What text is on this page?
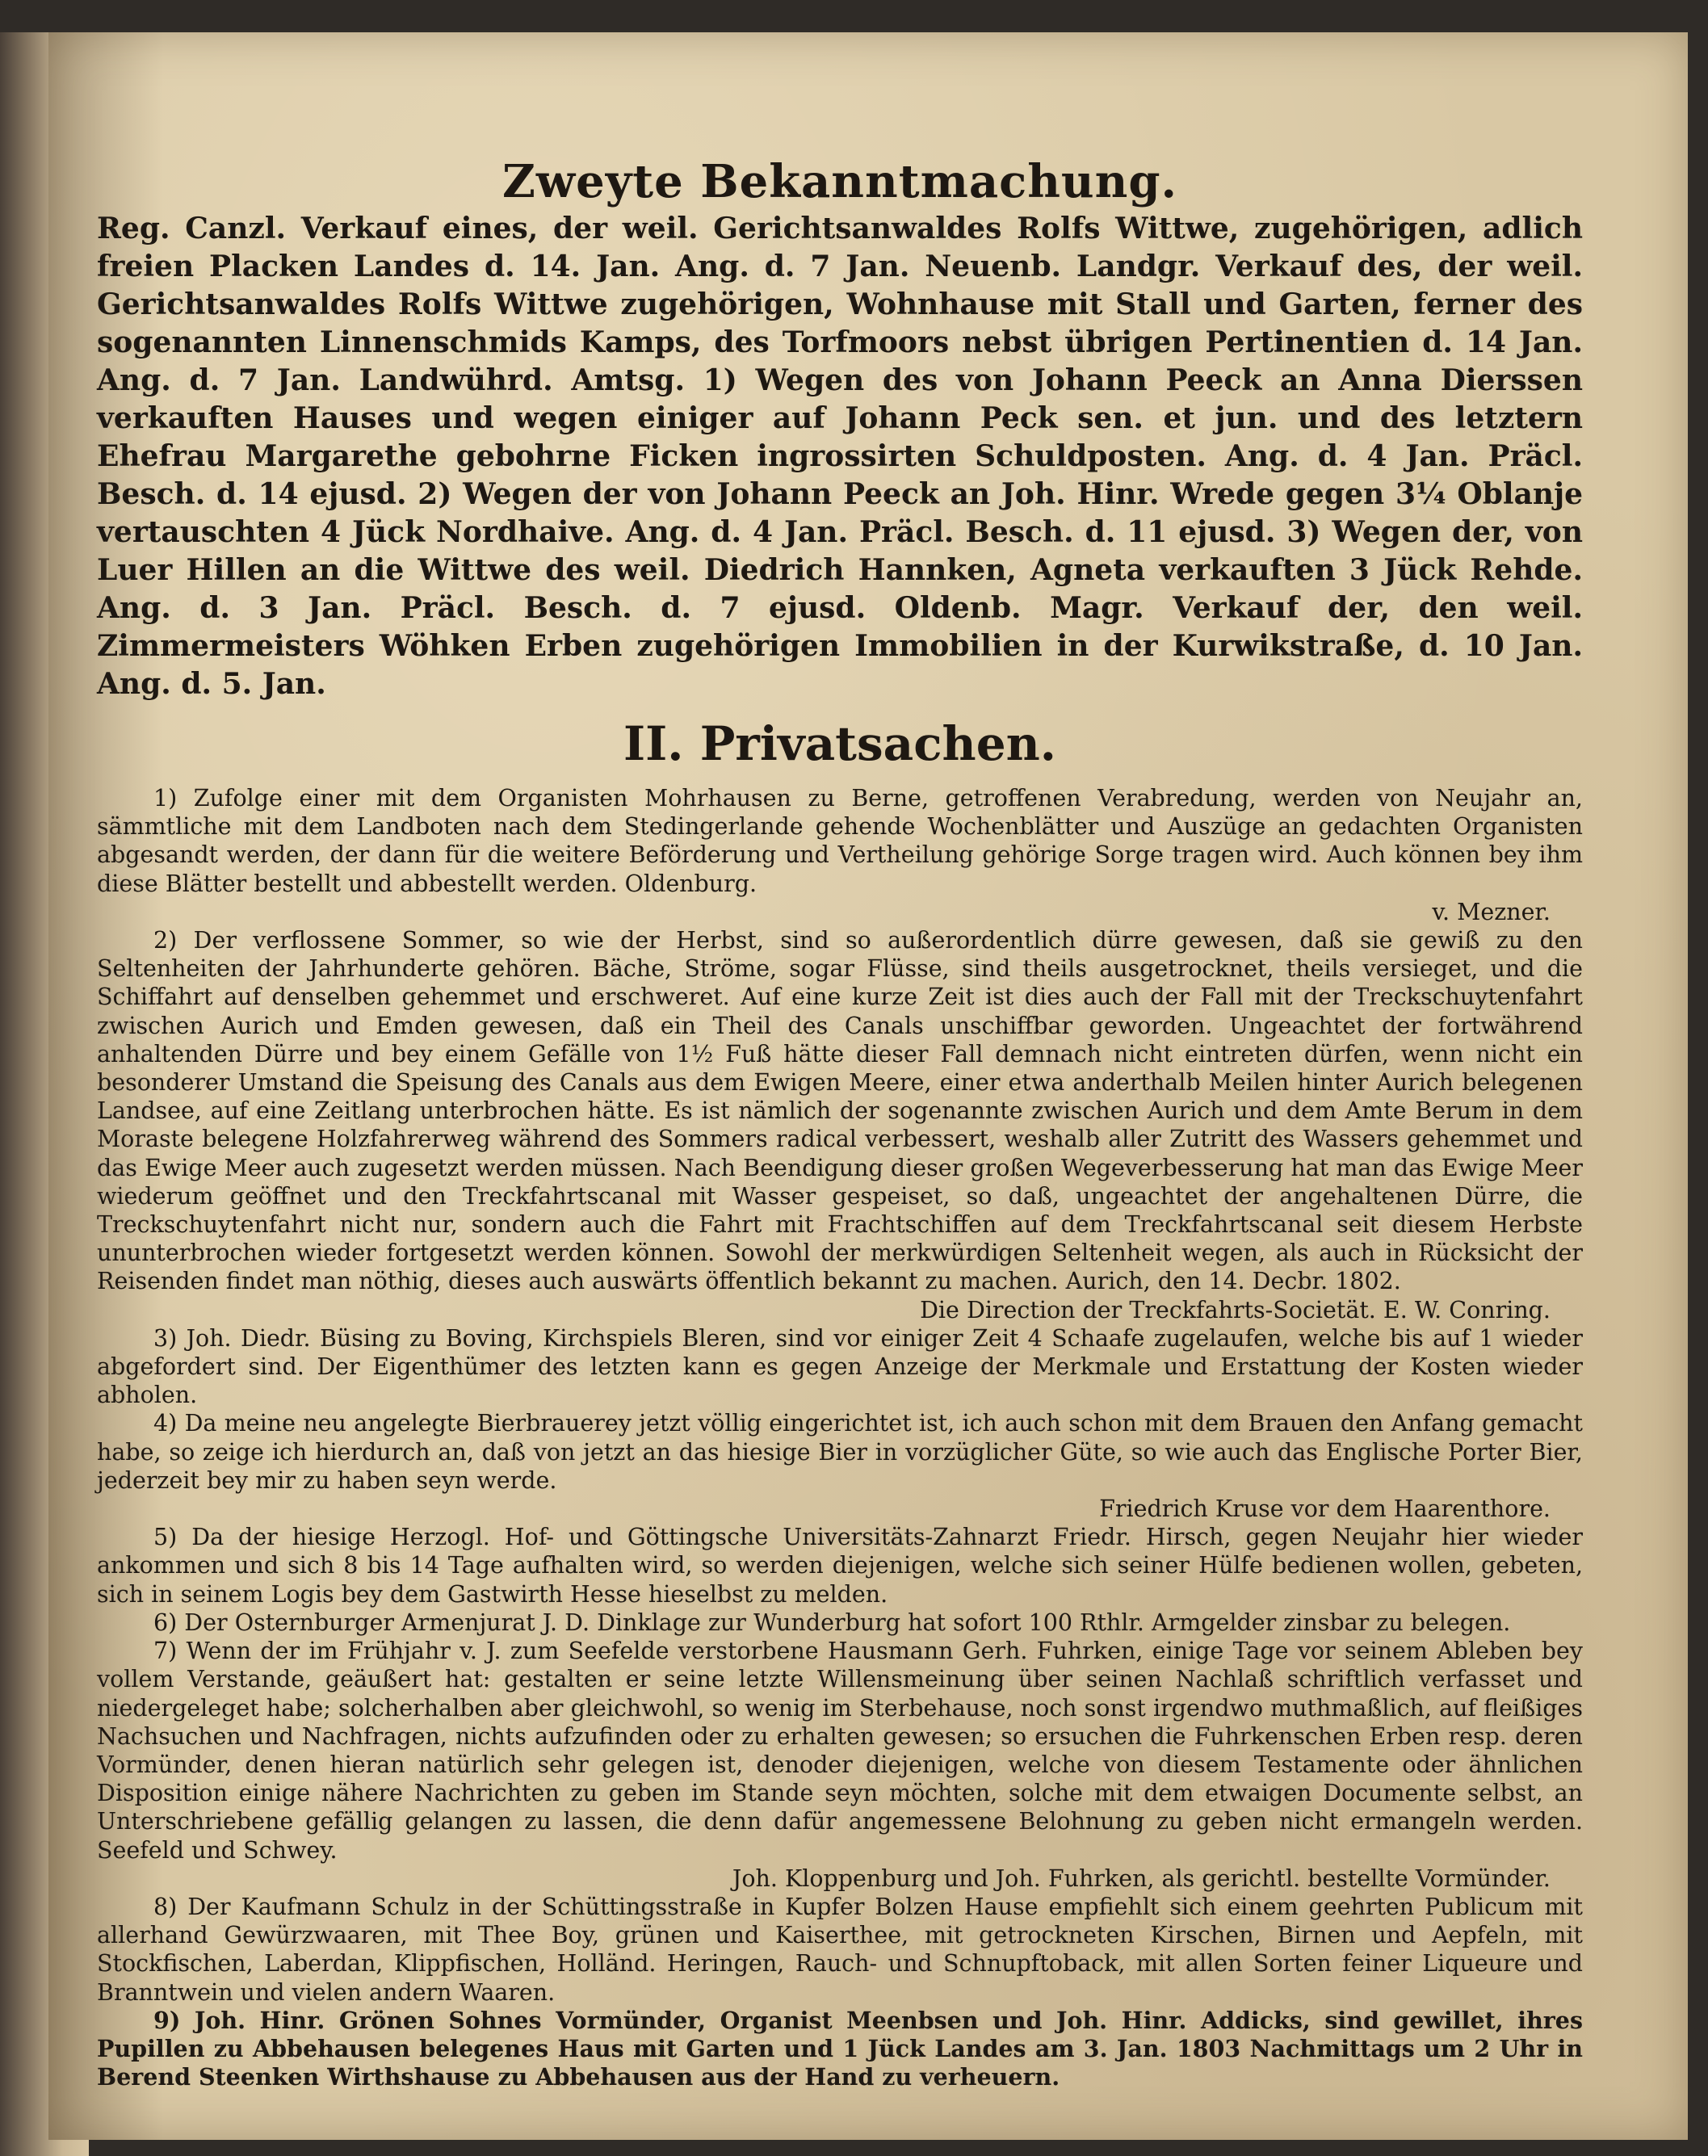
Zweyte Bekanntmachung.

Reg. Canzl. Verkauf eines, der weil. Gerichtsanwaldes Rolfs Wittwe, zugehörigen, adlich freien Placken Landes d. 14. Jan. Ang. d. 7 Jan. Neuenb. Landgr. Verkauf des, der weil. Gerichtsanwaldes Rolfs Wittwe zugehörigen, Wohnhause mit Stall und Garten, ferner des sogenannten Linnenschmids Kamps, des Torfmoors nebst übrigen Pertinentien d. 14 Jan. Ang. d. 7 Jan. Landwührd. Amtsg. 1) Wegen des von Johann Peeck an Anna Dierssen verkauften Hauses und wegen einiger auf Johann Peck sen. et jun. und des letztern Ehefrau Margarethe gebohrne Ficken ingrossirten Schuldposten. Ang. d. 4 Jan. Präcl. Besch. d. 14 ejusd. 2) Wegen der von Johann Peeck an Joh. Hinr. Wrede gegen 3¼ Oblanje vertauschten 4 Jück Nordhaive. Ang. d. 4 Jan. Präcl. Besch. d. 11 ejusd. 3) Wegen der, von Luer Hillen an die Wittwe des weil. Diedrich Hannken, Agneta verkauften 3 Jück Rehde. Ang. d. 3 Jan. Präcl. Besch. d. 7 ejusd. Oldenb. Magr. Verkauf der, den weil. Zimmermeisters Wöhken Erben zugehörigen Immobilien in der Kurwikstraße, d. 10 Jan. Ang. d. 5. Jan.

II. Privatsachen.

1) Zufolge einer mit dem Organisten Mohrhausen zu Berne, getroffenen Verabredung, werden von Neujahr an, sämmtliche mit dem Landboten nach dem Stedingerlande gehende Wochenblätter und Auszüge an gedachten Organisten abgesandt werden, der dann für die weitere Beförderung und Vertheilung gehörige Sorge tragen wird. Auch können bey ihm diese Blätter bestellt und abbestellt werden. Oldenburg.

v. Mezner.

2) Der verflossene Sommer, so wie der Herbst, sind so außerordentlich dürre gewesen, daß sie gewiß zu den Seltenheiten der Jahrhunderte gehören. Bäche, Ströme, sogar Flüsse, sind theils ausgetrocknet, theils versieget, und die Schiffahrt auf denselben gehemmet und erschweret. Auf eine kurze Zeit ist dies auch der Fall mit der Treckschuytenfahrt zwischen Aurich und Emden gewesen, daß ein Theil des Canals unschiffbar geworden. Ungeachtet der fortwährend anhaltenden Dürre und bey einem Gefälle von 1½ Fuß hätte dieser Fall demnach nicht eintreten dürfen, wenn nicht ein besonderer Umstand die Speisung des Canals aus dem Ewigen Meere, einer etwa anderthalb Meilen hinter Aurich belegenen Landsee, auf eine Zeitlang unterbrochen hätte. Es ist nämlich der sogenannte zwischen Aurich und dem Amte Berum in dem Moraste belegene Holzfahrerweg während des Sommers radical verbessert, weshalb aller Zutritt des Wassers gehemmet und das Ewige Meer auch zugesetzt werden müssen. Nach Beendigung dieser großen Wegeverbesserung hat man das Ewige Meer wiederum geöffnet und den Treckfahrtscanal mit Wasser gespeiset, so daß, ungeachtet der angehaltenen Dürre, die Treckschuytenfahrt nicht nur, sondern auch die Fahrt mit Frachtschiffen auf dem Treckfahrtscanal seit diesem Herbste ununterbrochen wieder fortgesetzt werden können. Sowohl der merkwürdigen Seltenheit wegen, als auch in Rücksicht der Reisenden findet man nöthig, dieses auch auswärts öffentlich bekannt zu machen. Aurich, den 14. Decbr. 1802.

Die Direction der Treckfahrts-Societät. E. W. Conring.

3) Joh. Diedr. Büsing zu Boving, Kirchspiels Bleren, sind vor einiger Zeit 4 Schaafe zugelaufen, welche bis auf 1 wieder abgefordert sind. Der Eigenthümer des letzten kann es gegen Anzeige der Merkmale und Erstattung der Kosten wieder abholen.

4) Da meine neu angelegte Bierbrauerey jetzt völlig eingerichtet ist, ich auch schon mit dem Brauen den Anfang gemacht habe, so zeige ich hierdurch an, daß von jetzt an das hiesige Bier in vorzüglicher Güte, so wie auch das Englische Porter Bier, jederzeit bey mir zu haben seyn werde.

Friedrich Kruse vor dem Haarenthore.

5) Da der hiesige Herzogl. Hof- und Göttingsche Universitäts-Zahnarzt Friedr. Hirsch, gegen Neujahr hier wieder ankommen und sich 8 bis 14 Tage aufhalten wird, so werden diejenigen, welche sich seiner Hülfe bedienen wollen, gebeten, sich in seinem Logis bey dem Gastwirth Hesse hieselbst zu melden.

6) Der Osternburger Armenjurat J. D. Dinklage zur Wunderburg hat sofort 100 Rthlr. Armgelder zinsbar zu belegen.

7) Wenn der im Frühjahr v. J. zum Seefelde verstorbene Hausmann Gerh. Fuhrken, einige Tage vor seinem Ableben bey vollem Verstande, geäußert hat: gestalten er seine letzte Willensmeinung über seinen Nachlaß schriftlich verfasset und niedergeleget habe; solcherhalben aber gleichwohl, so wenig im Sterbehause, noch sonst irgendwo muthmaßlich, auf fleißiges Nachsuchen und Nachfragen, nichts aufzufinden oder zu erhalten gewesen; so ersuchen die Fuhrkenschen Erben resp. deren Vormünder, denen hieran natürlich sehr gelegen ist, denoder diejenigen, welche von diesem Testamente oder ähnlichen Disposition einige nähere Nachrichten zu geben im Stande seyn möchten, solche mit dem etwaigen Documente selbst, an Unterschriebene gefällig gelangen zu lassen, die denn dafür angemessene Belohnung zu geben nicht ermangeln werden. Seefeld und Schwey.

Joh. Kloppenburg und Joh. Fuhrken, als gerichtl. bestellte Vormünder.

8) Der Kaufmann Schulz in der Schüttingsstraße in Kupfer Bolzen Hause empfiehlt sich einem geehrten Publicum mit allerhand Gewürzwaaren, mit Thee Boy, grünen und Kaiserthee, mit getrockneten Kirschen, Birnen und Aepfeln, mit Stockfischen, Laberdan, Klippfischen, Holländ. Heringen, Rauch- und Schnupftoback, mit allen Sorten feiner Liqueure und Branntwein und vielen andern Waaren.

9) Joh. Hinr. Grönen Sohnes Vormünder, Organist Meenbsen und Joh. Hinr. Addicks, sind gewillet, ihres Pupillen zu Abbehausen belegenes Haus mit Garten und 1 Jück Landes am 3. Jan. 1803 Nachmittags um 2 Uhr in Berend Steenken Wirthshause zu Abbehausen aus der Hand zu verheuern.
